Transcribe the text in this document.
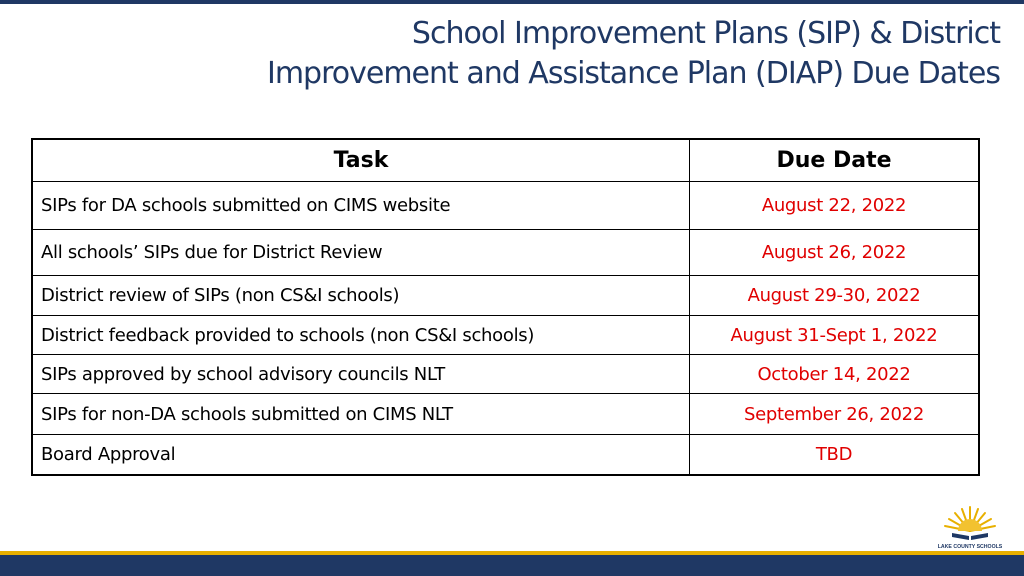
School Improvement Plans (SIP) & District
Improvement and Assistance Plan (DIAP) Due Dates
Task	Due Date
SIPs for DA schools submitted on CIMS website	August 22, 2022
All schools’ SIPs due for District Review	August 26, 2022
District review of SIPs (non CS&I schools)	August 29-30, 2022
District feedback provided to schools (non CS&I schools)	August 31-Sept 1, 2022
SIPs approved by school advisory councils NLT	October 14, 2022
SIPs for non-DA schools submitted on CIMS NLT	September 26, 2022
Board Approval	TBD
LAKE COUNTY SCHOOLS
